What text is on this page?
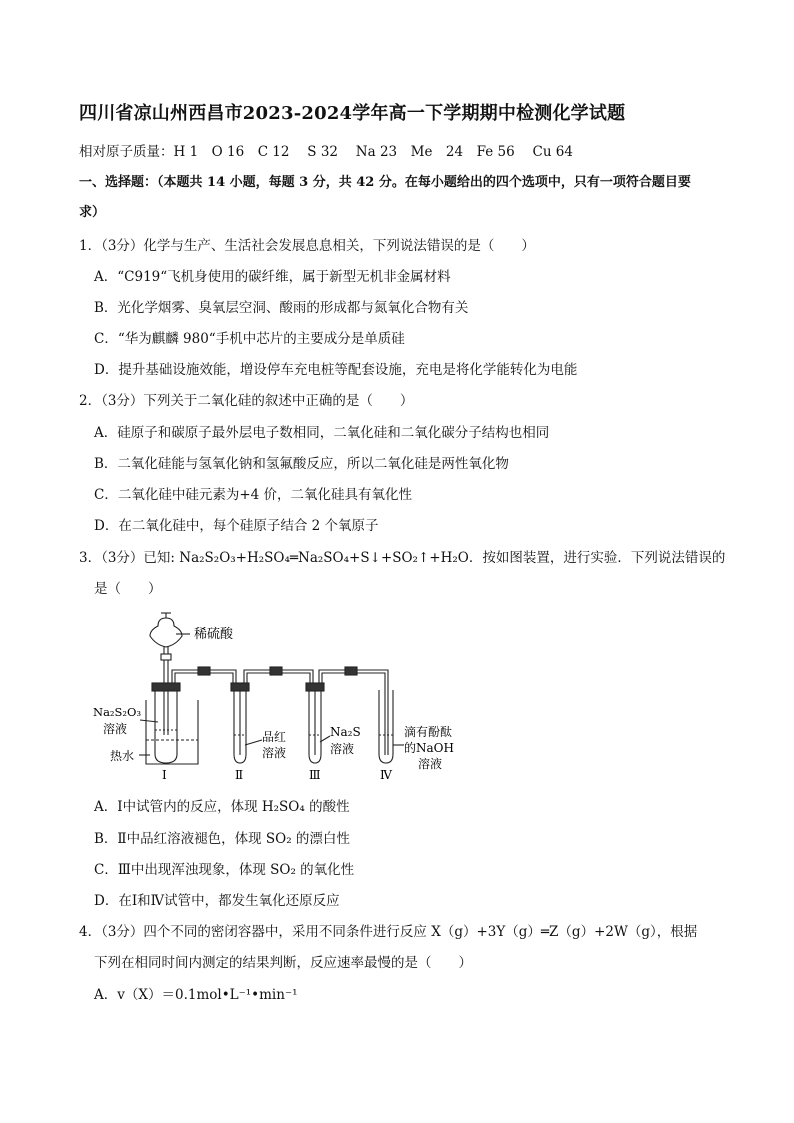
四川省凉山州西昌市2023-2024学年高一下学期期中检测化学试题
相对原子质量：H 1　O 16　C 12　 S 32　 Na 23　Me　24　Fe 56　 Cu 64
一、选择题：（本题共 14 小题，每题 3 分，共 42 分。在每小题给出的四个选项中，只有一项符合题目要
求）
1．（3分）化学与生产、生活社会发展息息相关，下列说法错误的是（　　）
A．“C919“飞机身使用的碳纤维，属于新型无机非金属材料
B．光化学烟雾、臭氧层空洞、酸雨的形成都与氮氧化合物有关
C．“华为麒麟 980“手机中芯片的主要成分是单质硅
D．提升基础设施效能，增设停车充电桩等配套设施，充电是将化学能转化为电能
2．（3分）下列关于二氧化硅的叙述中正确的是（　　）
A．硅原子和碳原子最外层电子数相同，二氧化硅和二氧化碳分子结构也相同
B．二氧化硅能与氢氧化钠和氢氟酸反应，所以二氧化硅是两性氧化物
C．二氧化硅中硅元素为+4 价，二氧化硅具有氧化性
D．在二氧化硅中，每个硅原子结合 2 个氧原子
3．（3分）已知: Na₂S₂O₃+H₂SO₄═Na₂SO₄+S↓+SO₂↑+H₂O．按如图装置，进行实验．下列说法错误的
是（　　）
稀硫酸
Na₂S₂O₃
溶液
热水
品红
溶液
Na₂S
溶液
滴有酚酞
的NaOH
溶液
Ⅰ	Ⅱ	Ⅲ	Ⅳ
A．Ⅰ中试管内的反应，体现 H₂SO₄ 的酸性
B．Ⅱ中品红溶液褪色，体现 SO₂ 的漂白性
C．Ⅲ中出现浑浊现象，体现 SO₂ 的氧化性
D．在Ⅰ和Ⅳ试管中，都发生氧化还原反应
4．（3分）四个不同的密闭容器中，采用不同条件进行反应 X（g）+3Y（g）═Z（g）+2W（g），根据
下列在相同时间内测定的结果判断，反应速率最慢的是（　　）
A．v（X）＝0.1mol•L⁻¹•min⁻¹
